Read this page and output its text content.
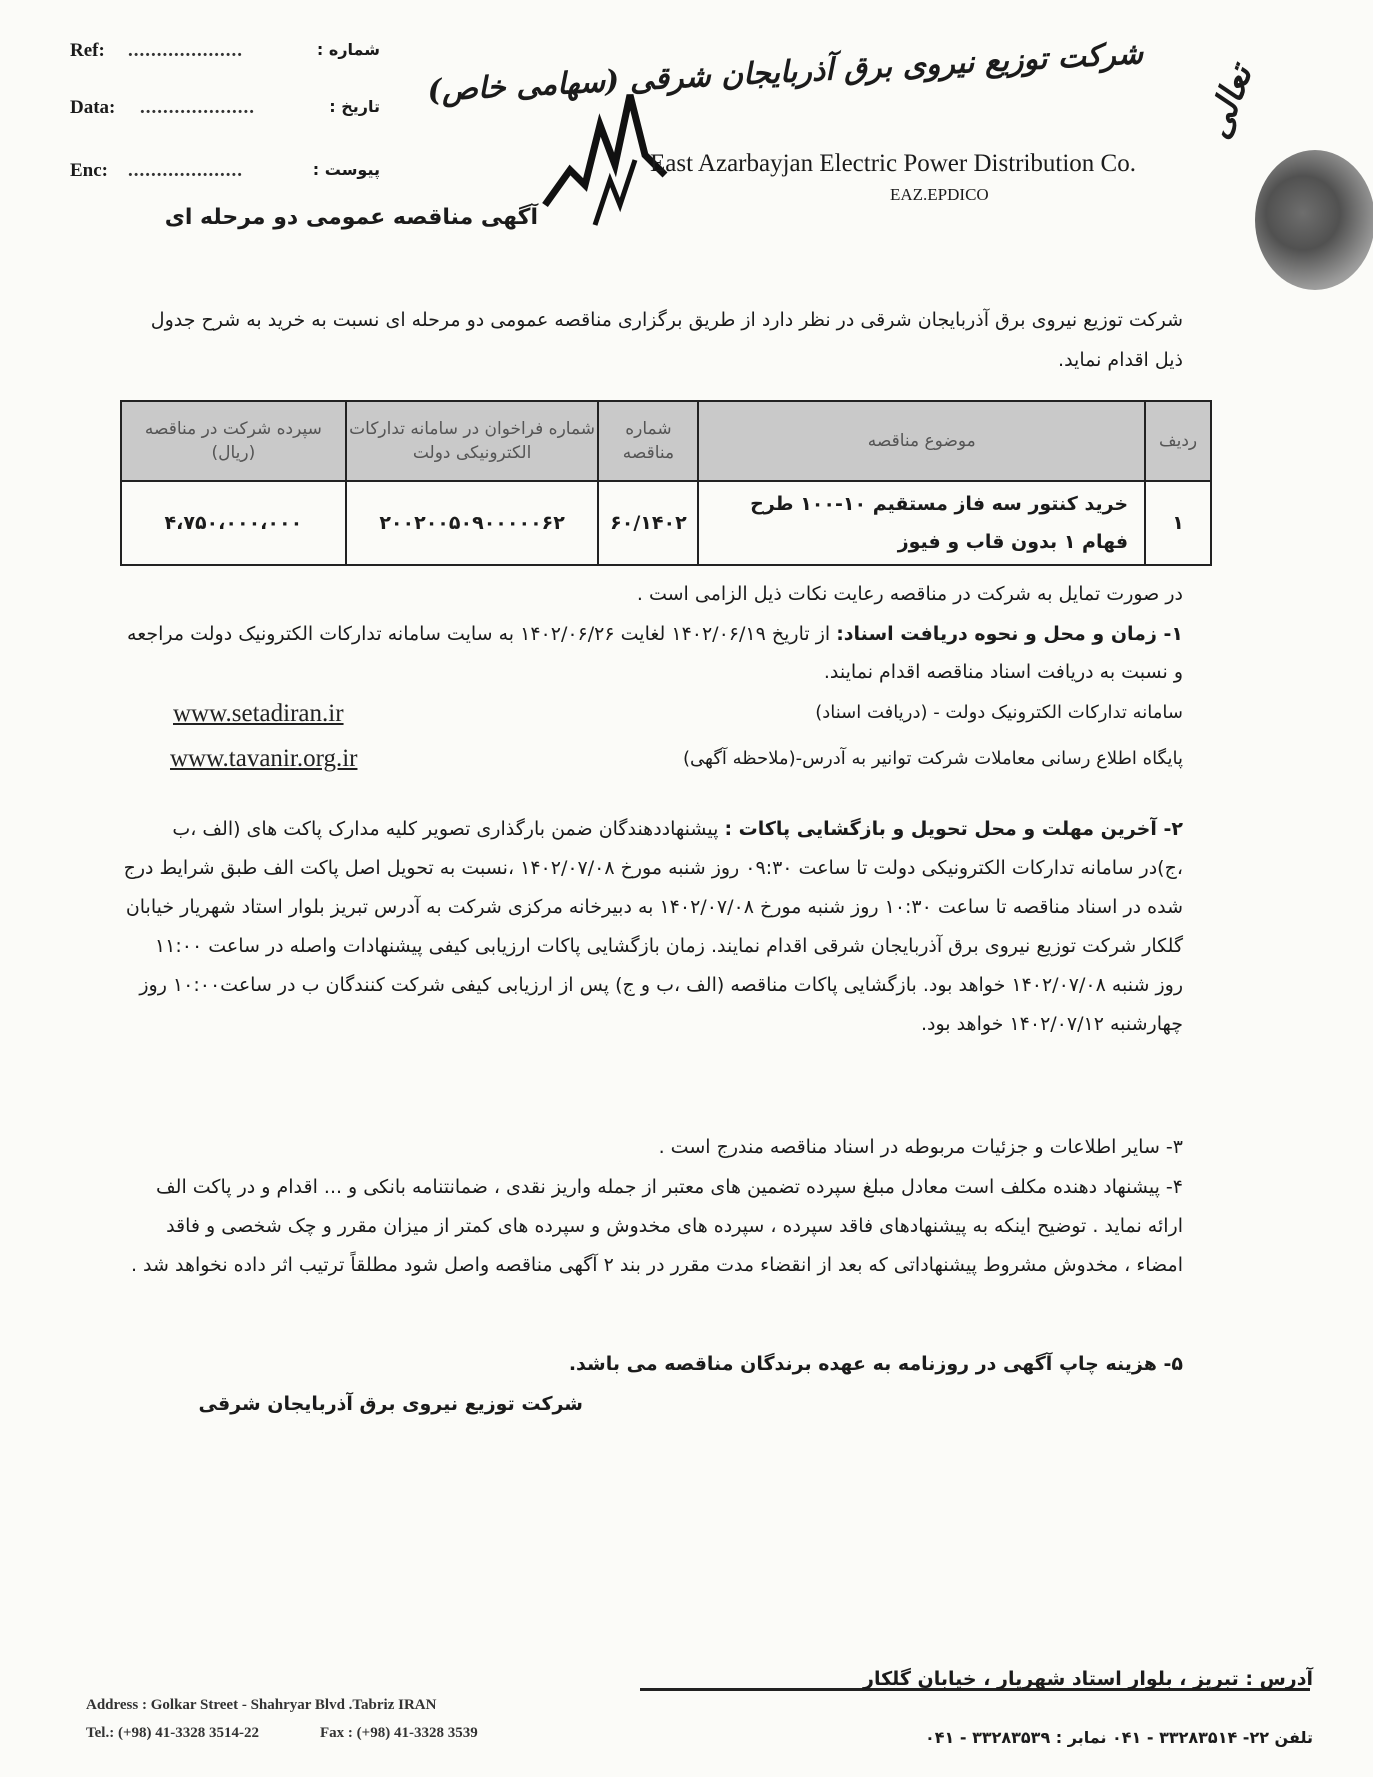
Ref: ....................	شماره :
Data: ....................	تاریخ :
Enc: ....................	پیوست :
شرکت توزیع نیروی برق آذربایجان شرقی (سهامی خاص) تعالی
East Azarbayjan Electric Power Distribution Co.
EAZ.EPDICO
آگهی مناقصه عمومی دو مرحله ای
شرکت توزیع نیروی برق آذربایجان شرقی در نظر دارد از طریق برگزاری مناقصه عمومی دو مرحله ای نسبت به خرید به شرح جدول ذیل اقدام نماید.
ردیف	موضوع مناقصه	شماره مناقصه	شماره فراخوان در سامانه تدارکات الکترونیکی دولت	سپرده شرکت در مناقصه (ریال)
۱	خرید کنتور سه فاز مستقیم ۱۰-۱۰۰ طرح فهام ۱ بدون قاب و فیوز	۶۰/۱۴۰۲	۲۰۰۲۰۰۵۰۹۰۰۰۰۰۶۲	۴،۷۵۰،۰۰۰،۰۰۰
در صورت تمایل به شرکت در مناقصه رعایت نکات ذیل الزامی است .
۱- زمان و محل و نحوه دریافت اسناد: از تاریخ ۱۴۰۲/۰۶/۱۹ لغایت ۱۴۰۲/۰۶/۲۶ به سایت سامانه تدارکات الکترونیک دولت مراجعه و نسبت به دریافت اسناد مناقصه اقدام نمایند.
سامانه تدارکات الکترونیک دولت - (دریافت اسناد)
www.setadiran.ir
پایگاه اطلاع رسانی معاملات شرکت توانیر به آدرس-(ملاحظه آگهی)
www.tavanir.org.ir
۲- آخرین مهلت و محل تحویل و بازگشایی پاکات : پیشنهاددهندگان ضمن بارگذاری تصویر کلیه مدارک پاکت های (الف ،ب ،ج)در سامانه تدارکات الکترونیکی دولت تا ساعت ۰۹:۳۰ روز شنبه مورخ ۱۴۰۲/۰۷/۰۸ ،نسبت به تحویل اصل پاکت الف طبق شرایط درج شده در اسناد مناقصه تا ساعت ۱۰:۳۰ روز شنبه مورخ ۱۴۰۲/۰۷/۰۸ به دبیرخانه مرکزی شرکت به آدرس تبریز بلوار استاد شهریار خیابان گلکار شرکت توزیع نیروی برق آذربایجان شرقی اقدام نمایند. زمان بازگشایی پاکات ارزیابی کیفی پیشنهادات واصله در ساعت ۱۱:۰۰ روز شنبه ۱۴۰۲/۰۷/۰۸ خواهد بود. بازگشایی پاکات مناقصه (الف ،ب و ج) پس از ارزیابی کیفی شرکت کنندگان ب در ساعت۱۰:۰۰ روز چهارشنبه ۱۴۰۲/۰۷/۱۲ خواهد بود.
۳- سایر اطلاعات و جزئیات مربوطه در اسناد مناقصه مندرج است .
۴- پیشنهاد دهنده مکلف است معادل مبلغ سپرده تضمین های معتبر از جمله واریز نقدی ، ضمانتنامه بانکی و ... اقدام و در پاکت الف ارائه نماید . توضیح اینکه به پیشنهادهای فاقد سپرده ، سپرده های مخدوش و سپرده های کمتر از میزان مقرر و چک شخصی و فاقد امضاء ، مخدوش مشروط پیشنهاداتی که بعد از انقضاء مدت مقرر در بند ۲ آگهی مناقصه واصل شود مطلقاً ترتیب اثر داده نخواهد شد .
۵- هزینه چاپ آگهی در روزنامه به عهده برندگان مناقصه می باشد.
شرکت توزیع نیروی برق آذربایجان شرقی
آدرس : تبریز ، بلوار استاد شهریار ، خیابان گلکار
Address : Golkar Street - Shahryar Blvd .Tabriz IRAN
Tel.: (+98) 41-3328 3514-22	Fax : (+98) 41-3328 3539	تلفن ۲۲- ۳۳۲۸۳۵۱۴ - ۰۴۱ نمابر : ۳۳۲۸۳۵۳۹ - ۰۴۱
